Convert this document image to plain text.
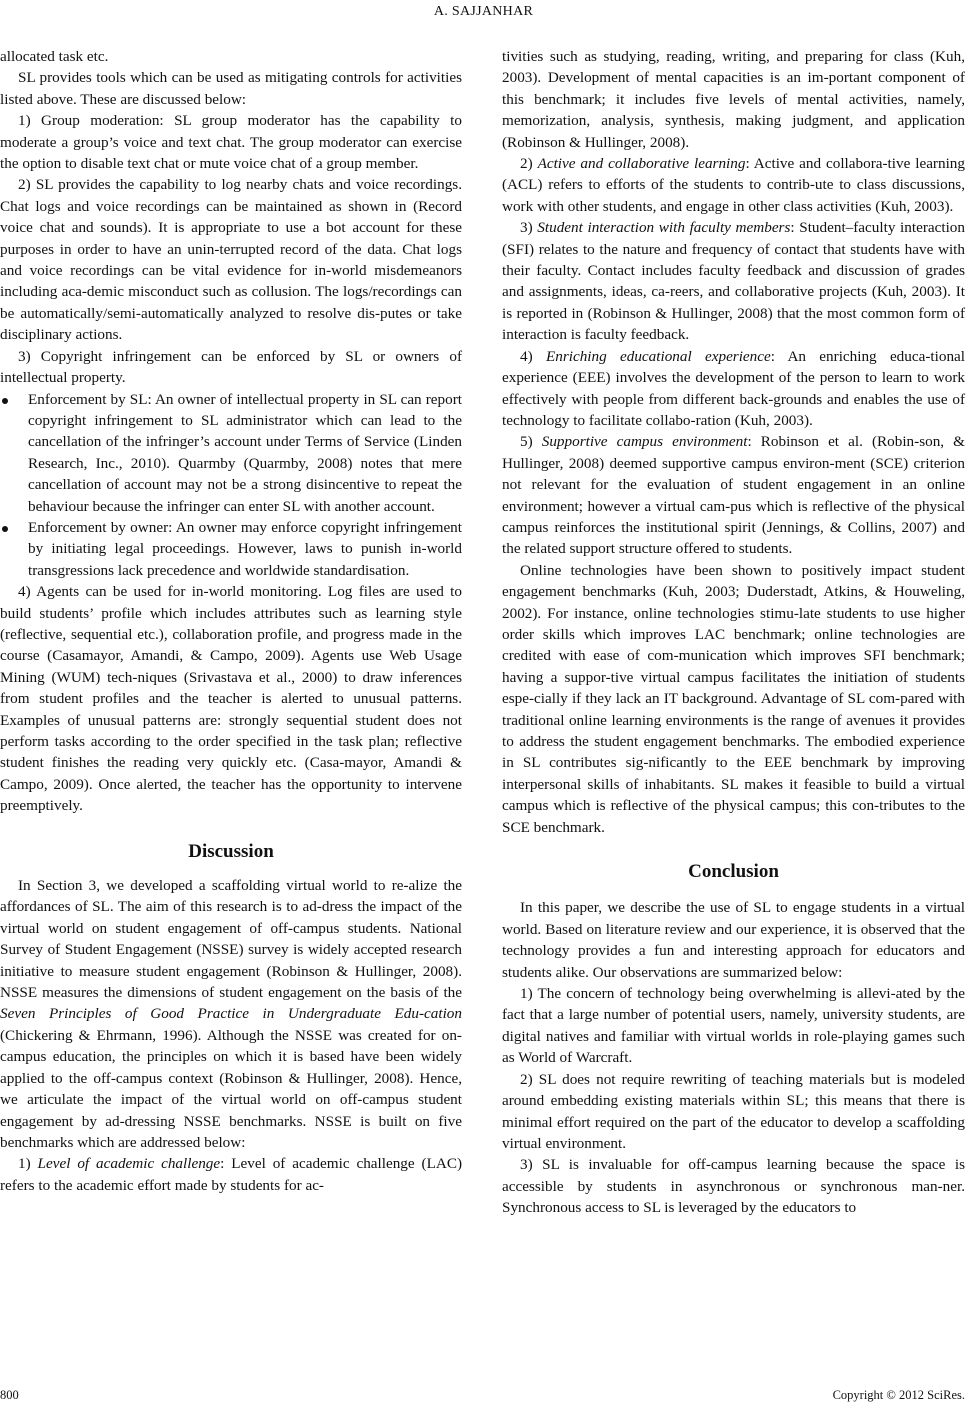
A. SAJJANHAR

allocated task etc.

SL provides tools which can be used as mitigating controls for activities listed above. These are discussed below:

1) Group moderation: SL group moderator has the capability to moderate a group’s voice and text chat. The group moderator can exercise the option to disable text chat or mute voice chat of a group member.

2) SL provides the capability to log nearby chats and voice recordings. Chat logs and voice recordings can be maintained as shown in (Record voice chat and sounds). It is appropriate to use a bot account for these purposes in order to have an unin-terrupted record of the data. Chat logs and voice recordings can be vital evidence for in-world misdemeanors including aca-demic misconduct such as collusion. The logs/recordings can be automatically/semi-automatically analyzed to resolve dis-putes or take disciplinary actions.

3) Copyright infringement can be enforced by SL or owners of intellectual property.

Enforcement by SL: An owner of intellectual property in SL can report copyright infringement to SL administrator which can lead to the cancellation of the infringer’s account under Terms of Service (Linden Research, Inc., 2010). Quarmby (Quarmby, 2008) notes that mere cancellation of account may not be a strong disincentive to repeat the behaviour because the infringer can enter SL with another account.
Enforcement by owner: An owner may enforce copyright infringement by initiating legal proceedings. However, laws to punish in-world transgressions lack precedence and worldwide standardisation.

4) Agents can be used for in-world monitoring. Log files are used to build students’ profile which includes attributes such as learning style (reflective, sequential etc.), collaboration profile, and progress made in the course (Casamayor, Amandi, & Campo, 2009). Agents use Web Usage Mining (WUM) tech-niques (Srivastava et al., 2000) to draw inferences from student profiles and the teacher is alerted to unusual patterns. Examples of unusual patterns are: strongly sequential student does not perform tasks according to the order specified in the task plan; reflective student finishes the reading very quickly etc. (Casa-mayor, Amandi & Campo, 2009). Once alerted, the teacher has the opportunity to intervene preemptively.

Discussion

In Section 3, we developed a scaffolding virtual world to re-alize the affordances of SL. The aim of this research is to ad-dress the impact of the virtual world on student engagement of off-campus students. National Survey of Student Engagement (NSSE) survey is widely accepted research initiative to measure student engagement (Robinson & Hullinger, 2008). NSSE measures the dimensions of student engagement on the basis of the Seven Principles of Good Practice in Undergraduate Edu-cation (Chickering & Ehrmann, 1996). Although the NSSE was created for on-campus education, the principles on which it is based have been widely applied to the off-campus context (Robinson & Hullinger, 2008). Hence, we articulate the impact of the virtual world on off-campus student engagement by ad-dressing NSSE benchmarks. NSSE is built on five benchmarks which are addressed below:

1) Level of academic challenge: Level of academic challenge (LAC) refers to the academic effort made by students for ac-

tivities such as studying, reading, writing, and preparing for class (Kuh, 2003). Development of mental capacities is an im-portant component of this benchmark; it includes five levels of mental activities, namely, memorization, analysis, synthesis, making judgment, and application (Robinson & Hullinger, 2008).

2) Active and collaborative learning: Active and collabora-tive learning (ACL) refers to efforts of the students to contrib-ute to class discussions, work with other students, and engage in other class activities (Kuh, 2003).

3) Student interaction with faculty members: Student–faculty interaction (SFI) relates to the nature and frequency of contact that students have with their faculty. Contact includes faculty feedback and discussion of grades and assignments, ideas, ca-reers, and collaborative projects (Kuh, 2003). It is reported in (Robinson & Hullinger, 2008) that the most common form of interaction is faculty feedback.

4) Enriching educational experience: An enriching educa-tional experience (EEE) involves the development of the person to learn to work effectively with people from different back-grounds and enables the use of technology to facilitate collabo-ration (Kuh, 2003).

5) Supportive campus environment: Robinson et al. (Robin-son, & Hullinger, 2008) deemed supportive campus environ-ment (SCE) criterion not relevant for the evaluation of student engagement in an online environment; however a virtual cam-pus which is reflective of the physical campus reinforces the institutional spirit (Jennings, & Collins, 2007) and the related support structure offered to students.

Online technologies have been shown to positively impact student engagement benchmarks (Kuh, 2003; Duderstadt, Atkins, & Houweling, 2002). For instance, online technologies stimu-late students to use higher order skills which improves LAC benchmark; online technologies are credited with ease of com-munication which improves SFI benchmark; having a suppor-tive virtual campus facilitates the initiation of students espe-cially if they lack an IT background. Advantage of SL com-pared with traditional online learning environments is the range of avenues it provides to address the student engagement benchmarks. The embodied experience in SL contributes sig-nificantly to the EEE benchmark by improving interpersonal skills of inhabitants. SL makes it feasible to build a virtual campus which is reflective of the physical campus; this con-tributes to the SCE benchmark.

Conclusion

In this paper, we describe the use of SL to engage students in a virtual world. Based on literature review and our experience, it is observed that the technology provides a fun and interesting approach for educators and students alike. Our observations are summarized below:

1) The concern of technology being overwhelming is allevi-ated by the fact that a large number of potential users, namely, university students, are digital natives and familiar with virtual worlds in role-playing games such as World of Warcraft.

2) SL does not require rewriting of teaching materials but is modeled around embedding existing materials within SL; this means that there is minimal effort required on the part of the educator to develop a scaffolding virtual environment.

3) SL is invaluable for off-campus learning because the space is accessible by students in asynchronous or synchronous man-ner. Synchronous access to SL is leveraged by the educators to

800	Copyright © 2012 SciRes.
